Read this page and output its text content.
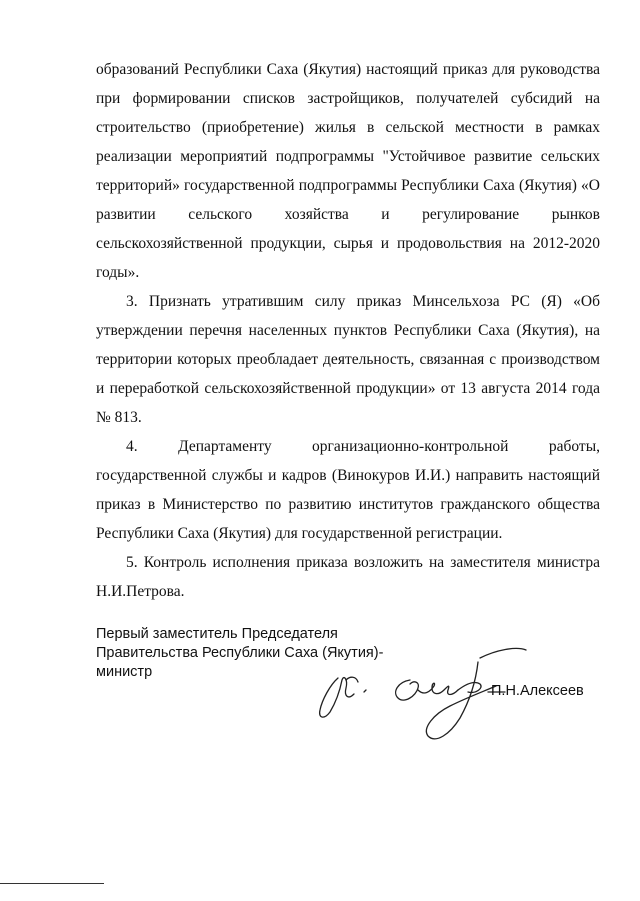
образований Республики Саха (Якутия) настоящий приказ для руководства при формировании списков застройщиков, получателей субсидий на строительство (приобретение) жилья в сельской местности в рамках реализации мероприятий подпрограммы "Устойчивое развитие сельских территорий» государственной подпрограммы Республики Саха (Якутия) «О развитии сельского хозяйства и регулирование рынков сельскохозяйственной продукции, сырья и продовольствия на 2012-2020 годы».

3. Признать утратившим силу приказ Минсельхоза РС (Я) «Об утверждении перечня населенных пунктов Республики Саха (Якутия), на территории которых преобладает деятельность, связанная с производством и переработкой сельскохозяйственной продукции» от 13 августа 2014 года № 813.

4. Департаменту организационно-контрольной работы, государственной службы и кадров (Винокуров И.И.) направить настоящий приказ в Министерство по развитию институтов гражданского общества Республики Саха (Якутия) для государственной регистрации.

5. Контроль исполнения приказа возложить на заместителя министра Н.И.Петрова.

Первый заместитель Председателя
Правительства Республики Саха (Якутия)-
министр
П.Н.Алексеев
